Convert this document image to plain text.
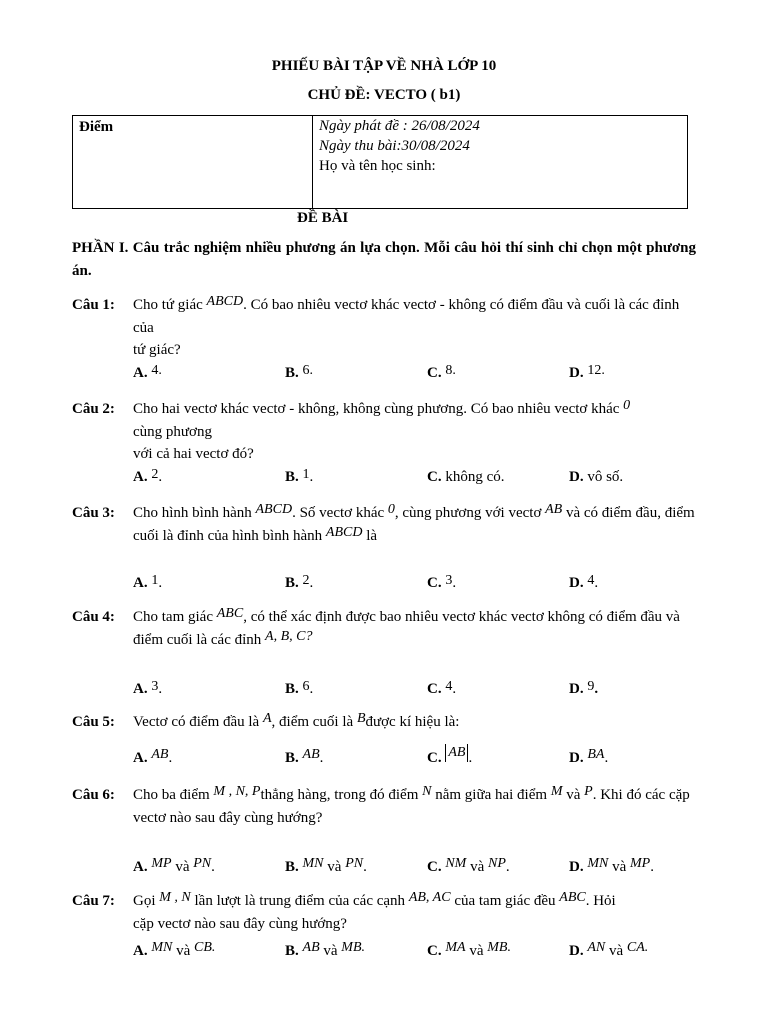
PHIẾU BÀI TẬP VỀ NHÀ LỚP 10
CHỦ ĐỀ: VECTO ( b1)
Điểm	Ngày phát đề : 26/08/2024
Ngày thu bài:30/08/2024
Họ và tên học sinh:
ĐỀ BÀI
PHẦN I. Câu trắc nghiệm nhiều phương án lựa chọn. Mỗi câu hỏi thí sinh chỉ chọn một phương án.
Câu 1: Cho tứ giác ABCD. Có bao nhiêu vectơ khác vectơ - không có điểm đầu và cuối là các đỉnh của
tứ giác?
A. 4.	B. 6.	C. 8.	D. 12.
Câu 2: Cho hai vectơ khác vectơ - không, không cùng phương. Có bao nhiêu vectơ khác 0
cùng phương
với cả hai vectơ đó?
A. 2.	B. 1.	C. không có.	D. vô số.
Câu 3: Cho hình bình hành ABCD. Số vectơ khác 0, cùng phương với vectơ AB và có điểm đầu, điểm
cuối là đỉnh của hình bình hành ABCD là
A. 1.	B. 2.	C. 3.	D. 4.
Câu 4: Cho tam giác ABC, có thể xác định được bao nhiêu vectơ khác vectơ không có điểm đầu và
điểm cuối là các đỉnh A, B, C?
A. 3.	B. 6.	C. 4.	D. 9.
Câu 5: Vectơ có điểm đầu là A, điểm cuối là Bđược kí hiệu là:
A. AB.	B. AB.	C. AB .	D. BA.
Câu 6: Cho ba điểm M , N, Pthẳng hàng, trong đó điểm N nằm giữa hai điểm M và P. Khi đó các cặp
vectơ nào sau đây cùng hướng?
A. MP và PN.	B. MN và PN.	C. NM và NP.	D. MN và MP.
Câu 7: Gọi M , N lần lượt là trung điểm của các cạnh AB, AC của tam giác đều ABC. Hỏi
cặp vectơ nào sau đây cùng hướng?
A. MN và CB.	B. AB và MB.	C. MA và MB.	D. AN và CA.
